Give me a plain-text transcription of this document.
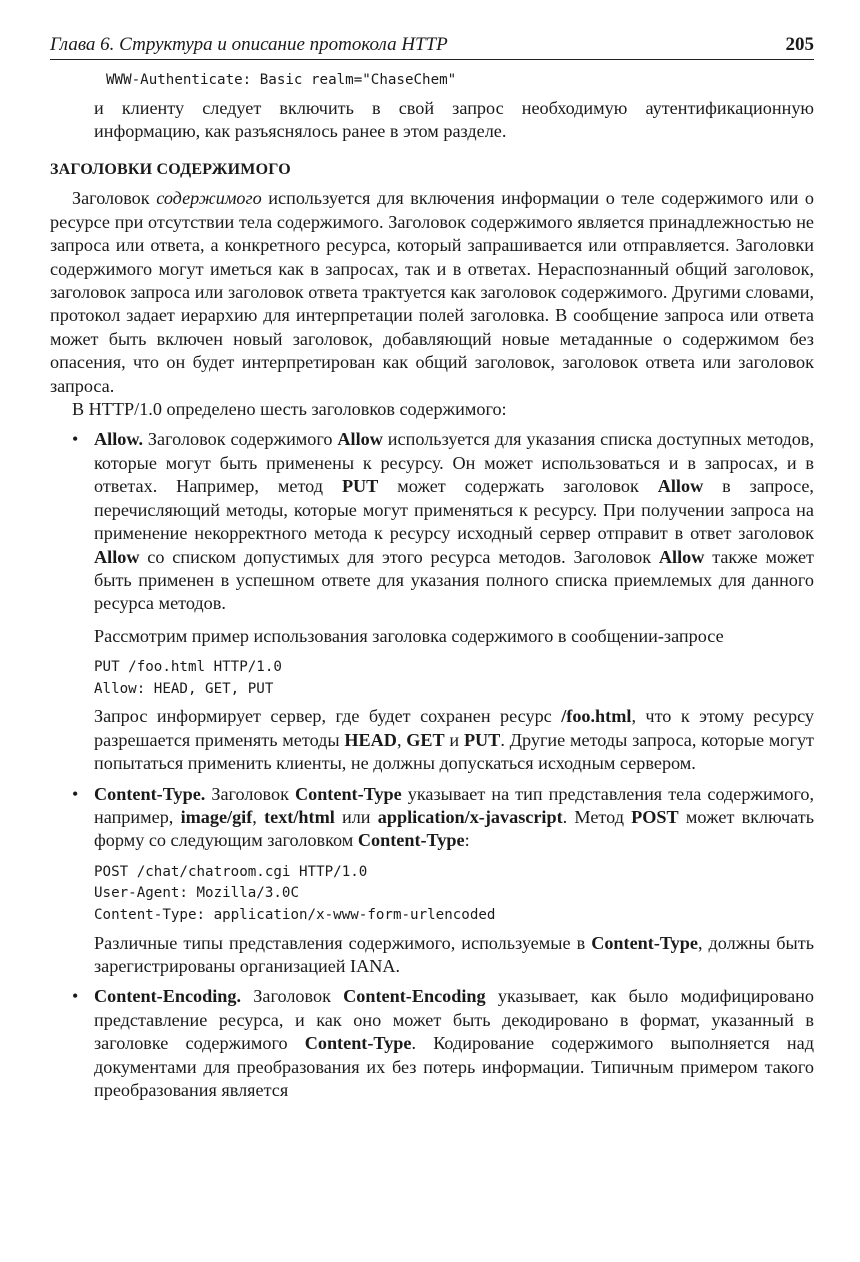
Глава 6. Структура и описание протокола HTTP	205
WWW-Authenticate: Basic realm="ChaseChem"

и клиенту следует включить в свой запрос необходимую аутентификационную информацию, как разъяснялось ранее в этом разделе.

ЗАГОЛОВКИ СОДЕРЖИМОГО

Заголовок содержимого используется для включения информации о теле содержимого или о ресурсе при отсутствии тела содержимого. Заголовок содержимого является принадлежностью не запроса или ответа, а конкретного ресурса, который запрашивается или отправляется. Заголовки содержимого могут иметься как в запросах, так и в ответах. Нераспознанный общий заголовок, заголовок запроса или заголовок ответа трактуется как заголовок содержимого. Другими словами, протокол задает иерархию для интерпретации полей заголовка. В сообщение запроса или ответа может быть включен новый заголовок, добавляющий новые метаданные о содержимом без опасения, что он будет интерпретирован как общий заголовок, заголовок ответа или заголовок запроса.

В HTTP/1.0 определено шесть заголовков содержимого:

• Allow. Заголовок содержимого Allow используется для указания списка доступных методов, которые могут быть применены к ресурсу. Он может использоваться и в запросах, и в ответах. Например, метод PUT может содержать заголовок Allow в запросе, перечисляющий методы, которые могут применяться к ресурсу. При получении запроса на применение некорректного метода к ресурсу исходный сервер отправит в ответ заголовок Allow со списком допустимых для этого ресурса методов. Заголовок Allow также может быть применен в успешном ответе для указания полного списка приемлемых для данного ресурса методов.

Рассмотрим пример использования заголовка содержимого в сообщении-запросе

PUT /foo.html HTTP/1.0
Allow: HEAD, GET, PUT

Запрос информирует сервер, где будет сохранен ресурс /foo.html, что к этому ресурсу разрешается применять методы HEAD, GET и PUT. Другие методы запроса, которые могут попытаться применить клиенты, не должны допускаться исходным сервером.

• Content-Type. Заголовок Content-Type указывает на тип представления тела содержимого, например, image/gif, text/html или application/x-javascript. Метод POST может включать форму со следующим заголовком Content-Type:

POST /chat/chatroom.cgi HTTP/1.0
User-Agent: Mozilla/3.0C
Content-Type: application/x-www-form-urlencoded

Различные типы представления содержимого, используемые в Content-Type, должны быть зарегистрированы организацией IANA.

• Content-Encoding. Заголовок Content-Encoding указывает, как было модифицировано представление ресурса, и как оно может быть декодировано в формат, указанный в заголовке содержимого Content-Type. Кодирование содержимого выполняется над документами для преобразования их без потерь информации. Типичным примером такого преобразования является
